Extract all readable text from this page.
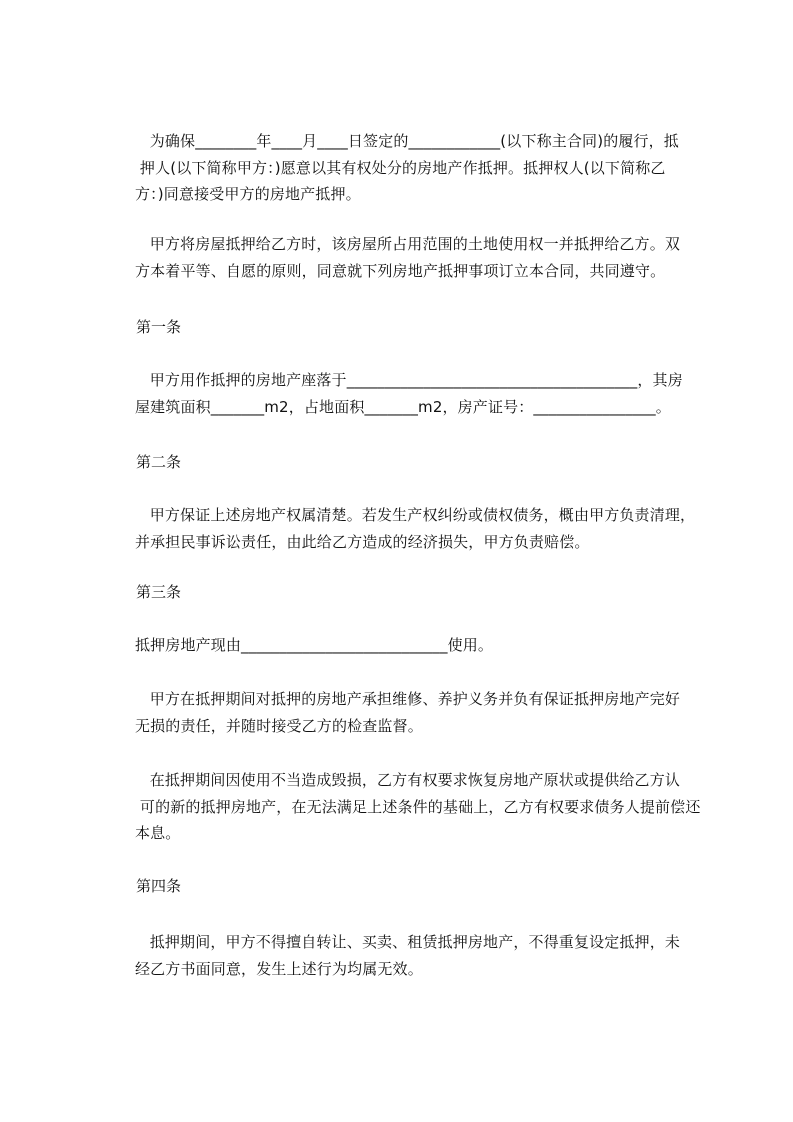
为确保________年____月____日签定的____________(以下称主合同)的履行，抵
押人(以下简称甲方：)愿意以其有权处分的房地产作抵押。抵押权人(以下简称乙
方：)同意接受甲方的房地产抵押。

甲方将房屋抵押给乙方时，该房屋所占用范围的土地使用权一并抵押给乙方。双
方本着平等、自愿的原则，同意就下列房地产抵押事项订立本合同，共同遵守。

第一条

甲方用作抵押的房地产座落于______________________________________，其房
屋建筑面积_______m2，占地面积_______m2，房产证号：________________。

第二条

甲方保证上述房地产权属清楚。若发生产权纠纷或债权债务，概由甲方负责清理，
并承担民事诉讼责任，由此给乙方造成的经济损失，甲方负责赔偿。

第三条

抵押房地产现由___________________________使用。

甲方在抵押期间对抵押的房地产承担维修、养护义务并负有保证抵押房地产完好
无损的责任，并随时接受乙方的检查监督。

在抵押期间因使用不当造成毁损，乙方有权要求恢复房地产原状或提供给乙方认
可的新的抵押房地产，在无法满足上述条件的基础上，乙方有权要求债务人提前偿还
本息。

第四条

抵押期间，甲方不得擅自转让、买卖、租赁抵押房地产，不得重复设定抵押，未
经乙方书面同意，发生上述行为均属无效。
